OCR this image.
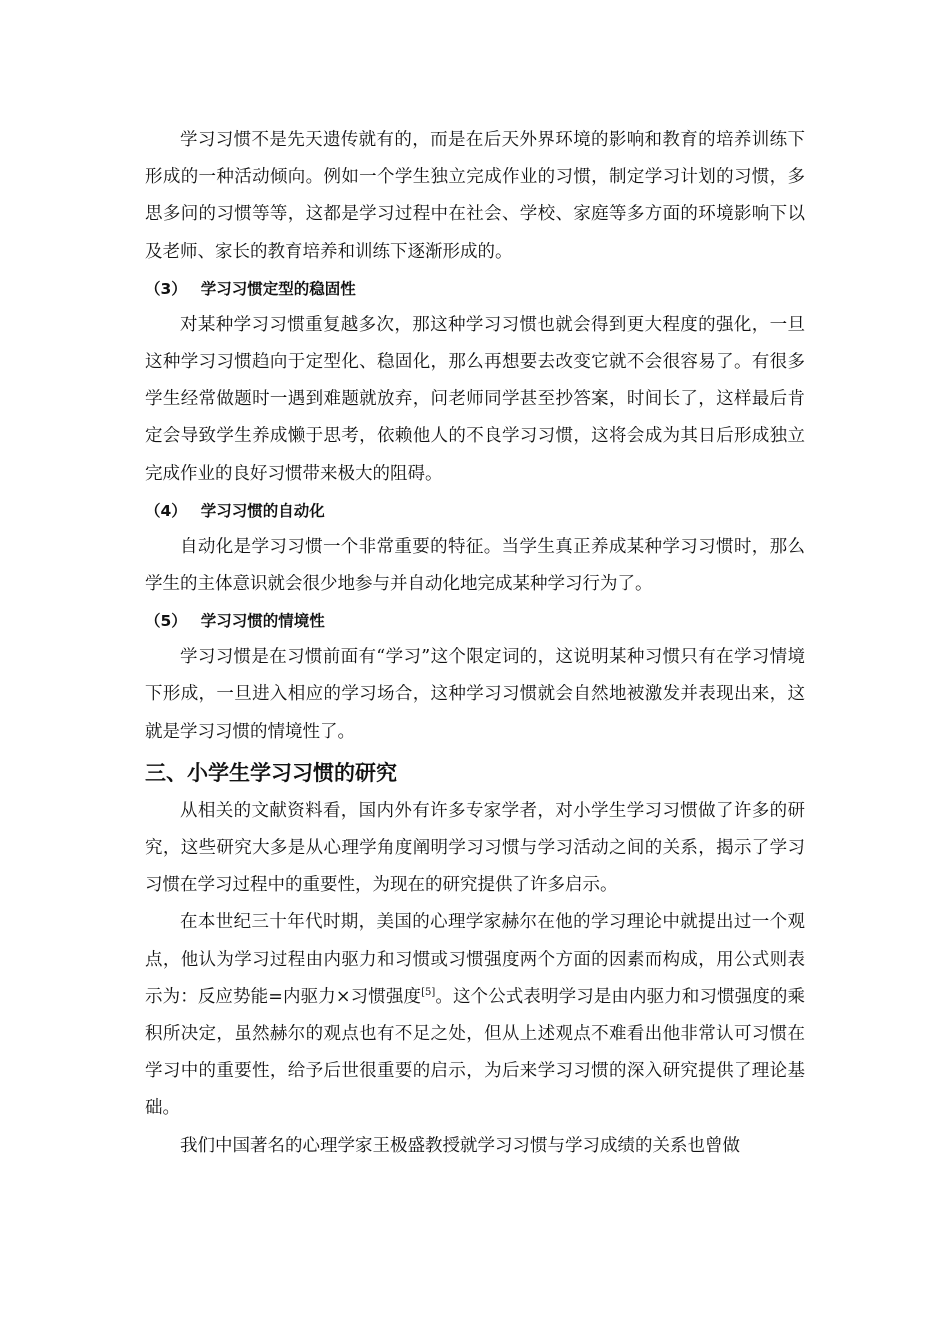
学习习惯不是先天遗传就有的，而是在后天外界环境的影响和教育的培养训练下形成的一种活动倾向。例如一个学生独立完成作业的习惯，制定学习计划的习惯，多思多问的习惯等等，这都是学习过程中在社会、学校、家庭等多方面的环境影响下以及老师、家长的教育培养和训练下逐渐形成的。

（3） 学习习惯定型的稳固性

对某种学习习惯重复越多次，那这种学习习惯也就会得到更大程度的强化，一旦这种学习习惯趋向于定型化、稳固化，那么再想要去改变它就不会很容易了。有很多学生经常做题时一遇到难题就放弃，问老师同学甚至抄答案，时间长了，这样最后肯定会导致学生养成懒于思考，依赖他人的不良学习习惯，这将会成为其日后形成独立完成作业的良好习惯带来极大的阻碍。

（4） 学习习惯的自动化

自动化是学习习惯一个非常重要的特征。当学生真正养成某种学习习惯时，那么学生的主体意识就会很少地参与并自动化地完成某种学习行为了。

（5） 学习习惯的情境性

学习习惯是在习惯前面有“学习”这个限定词的，这说明某种习惯只有在学习情境下形成，一旦进入相应的学习场合，这种学习习惯就会自然地被激发并表现出来，这就是学习习惯的情境性了。

三、小学生学习习惯的研究

从相关的文献资料看，国内外有许多专家学者，对小学生学习习惯做了许多的研究，这些研究大多是从心理学角度阐明学习习惯与学习活动之间的关系，揭示了学习习惯在学习过程中的重要性，为现在的研究提供了许多启示。

在本世纪三十年代时期，美国的心理学家赫尔在他的学习理论中就提出过一个观点，他认为学习过程由内驱力和习惯或习惯强度两个方面的因素而构成，用公式则表示为：反应势能=内驱力×习惯强度[5]。这个公式表明学习是由内驱力和习惯强度的乘积所决定，虽然赫尔的观点也有不足之处，但从上述观点不难看出他非常认可习惯在学习中的重要性，给予后世很重要的启示，为后来学习习惯的深入研究提供了理论基础。

我们中国著名的心理学家王极盛教授就学习习惯与学习成绩的关系也曾做
